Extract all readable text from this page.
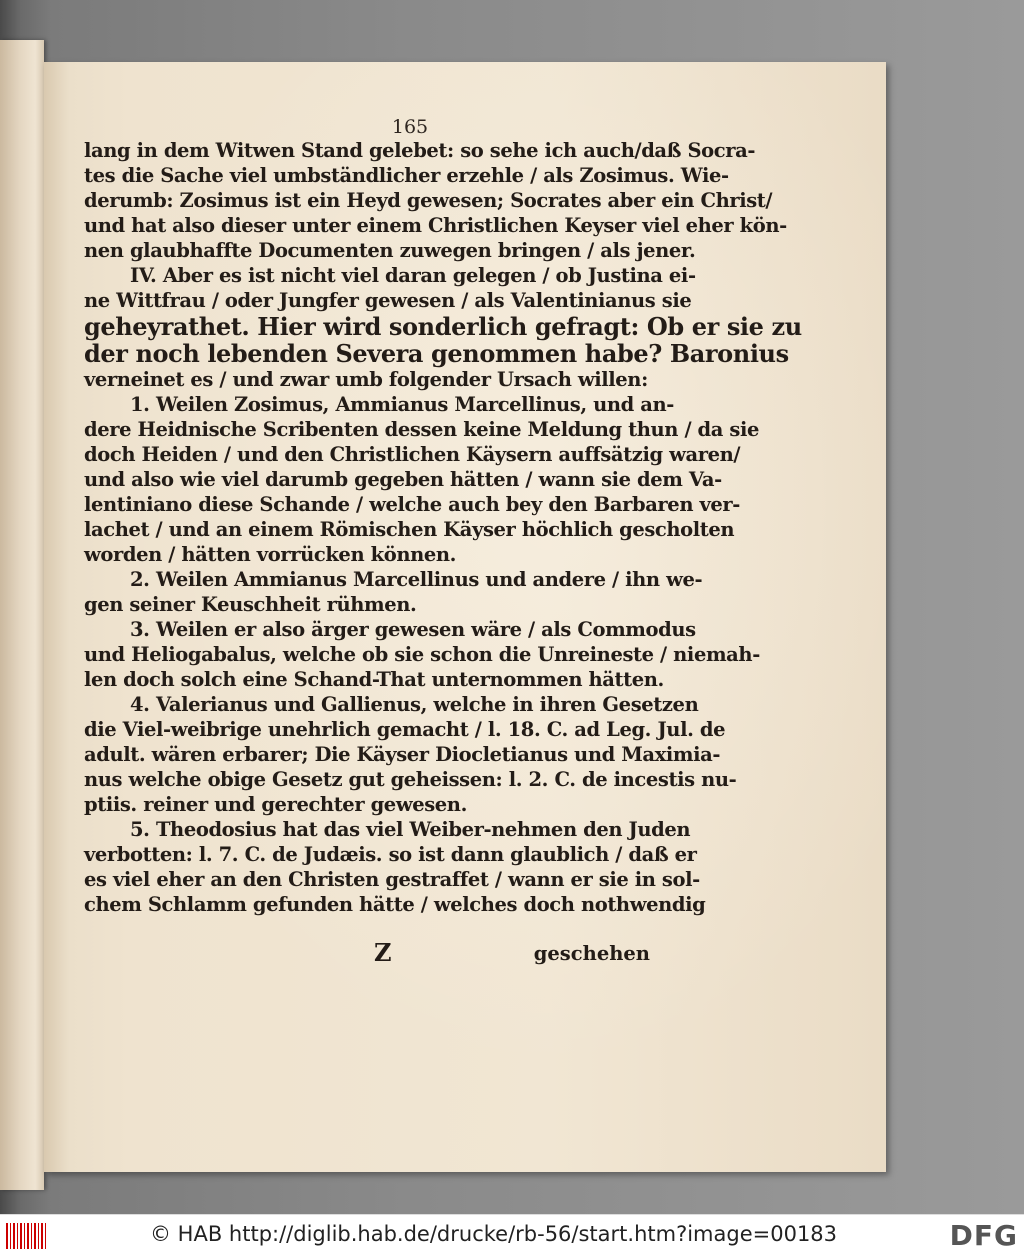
165
lang in dem Witwen Stand gelebet: so sehe ich auch/daß Socra-
tes die Sache viel umbständlicher erzehle / als Zosimus. Wie-
derumb: Zosimus ist ein Heyd gewesen; Socrates aber ein Christ/
und hat also dieser unter einem Christlichen Keyser viel eher kön-
nen glaubhaffte Documenten zuwegen bringen / als jener.
IV. Aber es ist nicht viel daran gelegen / ob Justina ei-
ne Wittfrau / oder Jungfer gewesen / als Valentinianus sie
geheyrathet. Hier wird sonderlich gefragt: Ob er sie zu
der noch lebenden Severa genommen habe? Baronius
verneinet es / und zwar umb folgender Ursach willen:
1. Weilen Zosimus, Ammianus Marcellinus, und an-
dere Heidnische Scribenten dessen keine Meldung thun / da sie
doch Heiden / und den Christlichen Käysern auffsätzig waren/
und also wie viel darumb gegeben hätten / wann sie dem Va-
lentiniano diese Schande / welche auch bey den Barbaren ver-
lachet / und an einem Römischen Käyser höchlich gescholten
worden / hätten vorrücken können.
2. Weilen Ammianus Marcellinus und andere / ihn we-
gen seiner Keuschheit rühmen.
3. Weilen er also ärger gewesen wäre / als Commodus
und Heliogabalus, welche ob sie schon die Unreineste / niemah-
len doch solch eine Schand-That unternommen hätten.
4. Valerianus und Gallienus, welche in ihren Gesetzen
die Viel-weibrige unehrlich gemacht / l. 18. C. ad Leg. Jul. de
adult. wären erbarer; Die Käyser Diocletianus und Maximia-
nus welche obige Gesetz gut geheissen: l. 2. C. de incestis nu-
ptiis. reiner und gerechter gewesen.
5. Theodosius hat das viel Weiber-nehmen den Juden
verbotten: l. 7. C. de Judæis. so ist dann glaublich / daß er
es viel eher an den Christen gestraffet / wann er sie in sol-
chem Schlamm gefunden hätte / welches doch nothwendig
Z	geschehen
© HAB http://diglib.hab.de/drucke/rb-56/start.htm?image=00183	DFG
